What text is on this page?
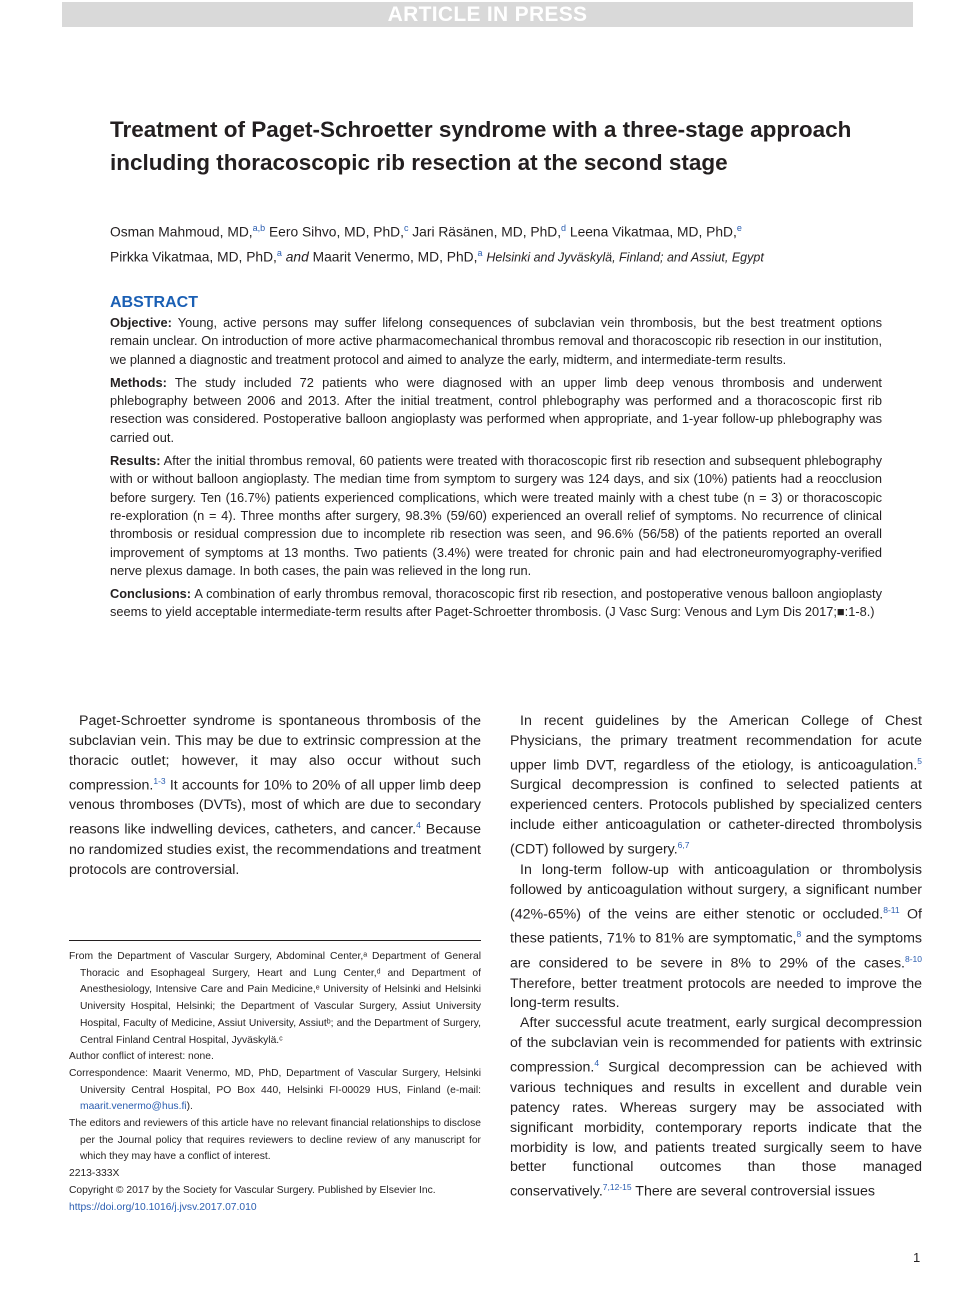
ARTICLE IN PRESS
Treatment of Paget-Schroetter syndrome with a three-stage approach including thoracoscopic rib resection at the second stage
Osman Mahmoud, MD,$^{a,b}$ Eero Sihvo, MD, PhD,$^c$ Jari Räsänen, MD, PhD,$^d$ Leena Vikatmaa, MD, PhD,$^e$
Pirkka Vikatmaa, MD, PhD,$^a$ and Maarit Venermo, MD, PhD,$^a$ Helsinki and Jyväskylä, Finland; and Assiut, Egypt
ABSTRACT

Objective: Young, active persons may suffer lifelong consequences of subclavian vein thrombosis, but the best treatment options remain unclear. On introduction of more active pharmacomechanical thrombus removal and thoracoscopic rib resection in our institution, we planned a diagnostic and treatment protocol and aimed to analyze the early, midterm, and intermediate-term results.

Methods: The study included 72 patients who were diagnosed with an upper limb deep venous thrombosis and underwent phlebography between 2006 and 2013. After the initial treatment, control phlebography was performed and a thoracoscopic first rib resection was considered. Postoperative balloon angioplasty was performed when appropriate, and 1-year follow-up phlebography was carried out.

Results: After the initial thrombus removal, 60 patients were treated with thoracoscopic first rib resection and subsequent phlebography with or without balloon angioplasty. The median time from symptom to surgery was 124 days, and six (10%) patients had a reocclusion before surgery. Ten (16.7%) patients experienced complications, which were treated mainly with a chest tube (n = 3) or thoracoscopic re-exploration (n = 4). Three months after surgery, 98.3% (59/60) experienced an overall relief of symptoms. No recurrence of clinical thrombosis or residual compression due to incomplete rib resection was seen, and 96.6% (56/58) of the patients reported an overall improvement of symptoms at 13 months. Two patients (3.4%) were treated for chronic pain and had electroneuromyography-verified nerve plexus damage. In both cases, the pain was relieved in the long run.

Conclusions: A combination of early thrombus removal, thoracoscopic first rib resection, and postoperative venous balloon angioplasty seems to yield acceptable intermediate-term results after Paget-Schroetter thrombosis. (J Vasc Surg: Venous and Lym Dis 2017;■:1-8.)

Paget-Schroetter syndrome is spontaneous thrombosis of the subclavian vein. This may be due to extrinsic compression at the thoracic outlet; however, it may also occur without such compression.$^{1-3}$ It accounts for 10% to 20% of all upper limb deep venous thromboses (DVTs), most of which are due to secondary reasons like indwelling devices, catheters, and cancer.$^4$ Because no randomized studies exist, the recommendations and treatment protocols are controversial.

From the Department of Vascular Surgery, Abdominal Center,ᵃ Department of General Thoracic and Esophageal Surgery, Heart and Lung Center,ᵈ and Department of Anesthesiology, Intensive Care and Pain Medicine,ᵉ University of Helsinki and Helsinki University Hospital, Helsinki; the Department of Vascular Surgery, Assiut University Hospital, Faculty of Medicine, Assiut University, Assiutᵇ; and the Department of Surgery, Central Finland Central Hospital, Jyväskylä.ᶜ

Author conflict of interest: none.

Correspondence: Maarit Venermo, MD, PhD, Department of Vascular Surgery, Helsinki University Central Hospital, PO Box 440, Helsinki FI-00029 HUS, Finland (e-mail: maarit.venermo@hus.fi).

The editors and reviewers of this article have no relevant financial relationships to disclose per the Journal policy that requires reviewers to decline review of any manuscript for which they may have a conflict of interest.

2213-333X

Copyright © 2017 by the Society for Vascular Surgery. Published by Elsevier Inc.

https://doi.org/10.1016/j.jvsv.2017.07.010

In recent guidelines by the American College of Chest Physicians, the primary treatment recommendation for acute upper limb DVT, regardless of the etiology, is anticoagulation.$^5$ Surgical decompression is confined to selected patients at experienced centers. Protocols published by specialized centers include either anticoagulation or catheter-directed thrombolysis (CDT) followed by surgery.$^{6,7}$

In long-term follow-up with anticoagulation or thrombolysis followed by anticoagulation without surgery, a significant number (42%-65%) of the veins are either stenotic or occluded.$^{8-11}$ Of these patients, 71% to 81% are symptomatic,$^8$ and the symptoms are considered to be severe in 8% to 29% of the cases.$^{8-10}$ Therefore, better treatment protocols are needed to improve the long-term results.

After successful acute treatment, early surgical decompression of the subclavian vein is recommended for patients with extrinsic compression.$^4$ Surgical decompression can be achieved with various techniques and results in excellent and durable vein patency rates. Whereas surgery may be associated with significant morbidity, contemporary reports indicate that the morbidity is low, and patients treated surgically seem to have better functional outcomes than those managed conservatively.$^{7,12-15}$ There are several controversial issues

1
